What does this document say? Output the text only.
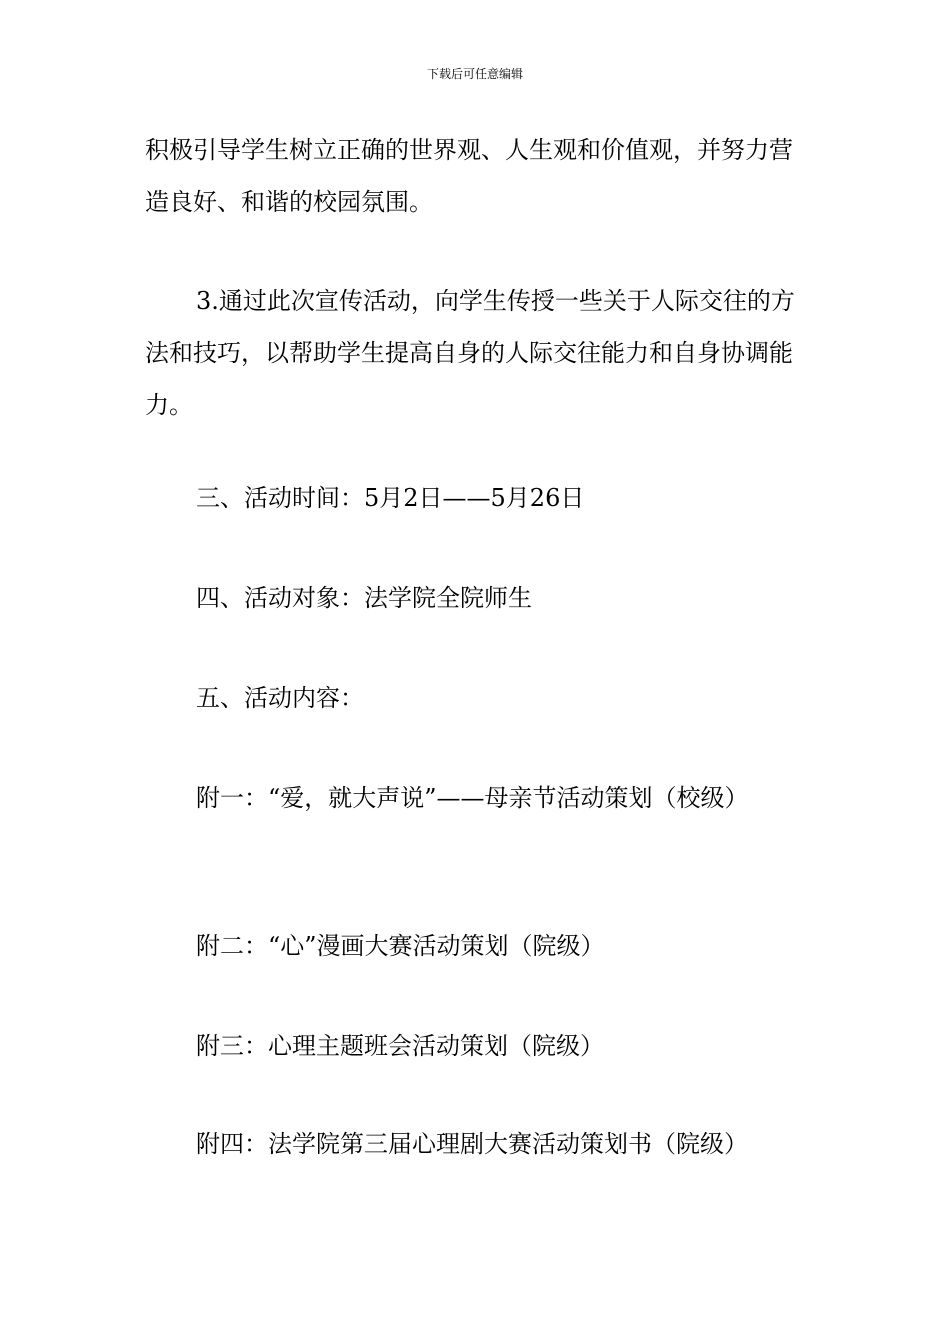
下载后可任意编辑

积极引导学生树立正确的世界观、人生观和价值观，并努力营造良好、和谐的校园氛围。

3.通过此次宣传活动，向学生传授一些关于人际交往的方法和技巧，以帮助学生提高自身的人际交往能力和自身协调能力。

三、活动时间：5月2日——5月26日

四、活动对象：法学院全院师生

五、活动内容：

附一：“爱，就大声说”——母亲节活动策划（校级）

附二：“心”漫画大赛活动策划（院级）

附三：心理主题班会活动策划（院级）

附四：法学院第三届心理剧大赛活动策划书（院级）
